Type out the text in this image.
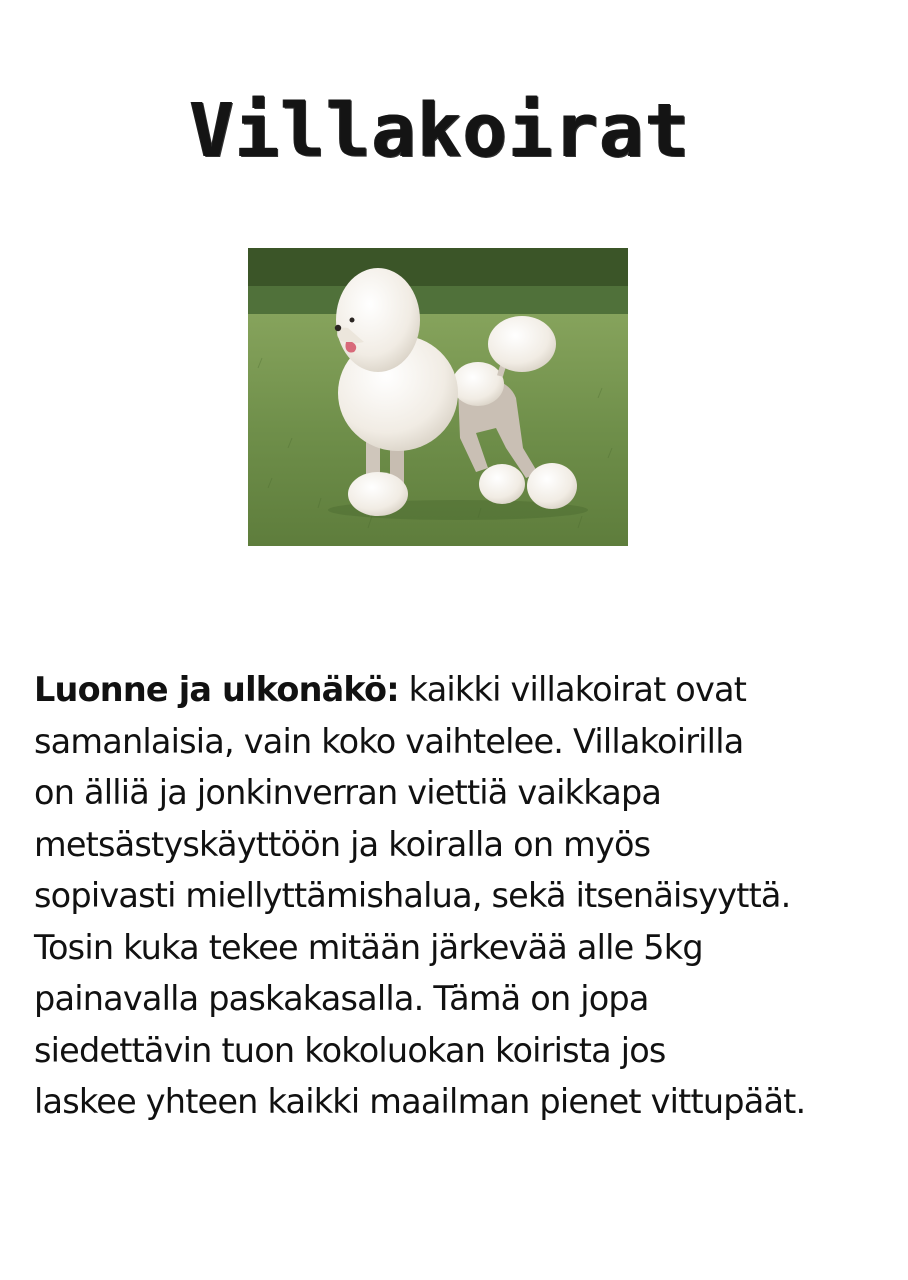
Villakoirat
Luonne ja ulkonäkö: kaikki villakoirat ovat
samanlaisia, vain koko vaihtelee. Villakoirilla
on älliä ja jonkinverran viettiä vaikkapa
metsästyskäyttöön ja koiralla on myös
sopivasti miellyttämishalua, sekä itsenäisyyttä.
Tosin kuka tekee mitään järkevää alle 5kg
painavalla paskakasalla. Tämä on jopa
siedettävin tuon kokoluokan koirista jos
laskee yhteen kaikki maailman pienet vittupäät.
